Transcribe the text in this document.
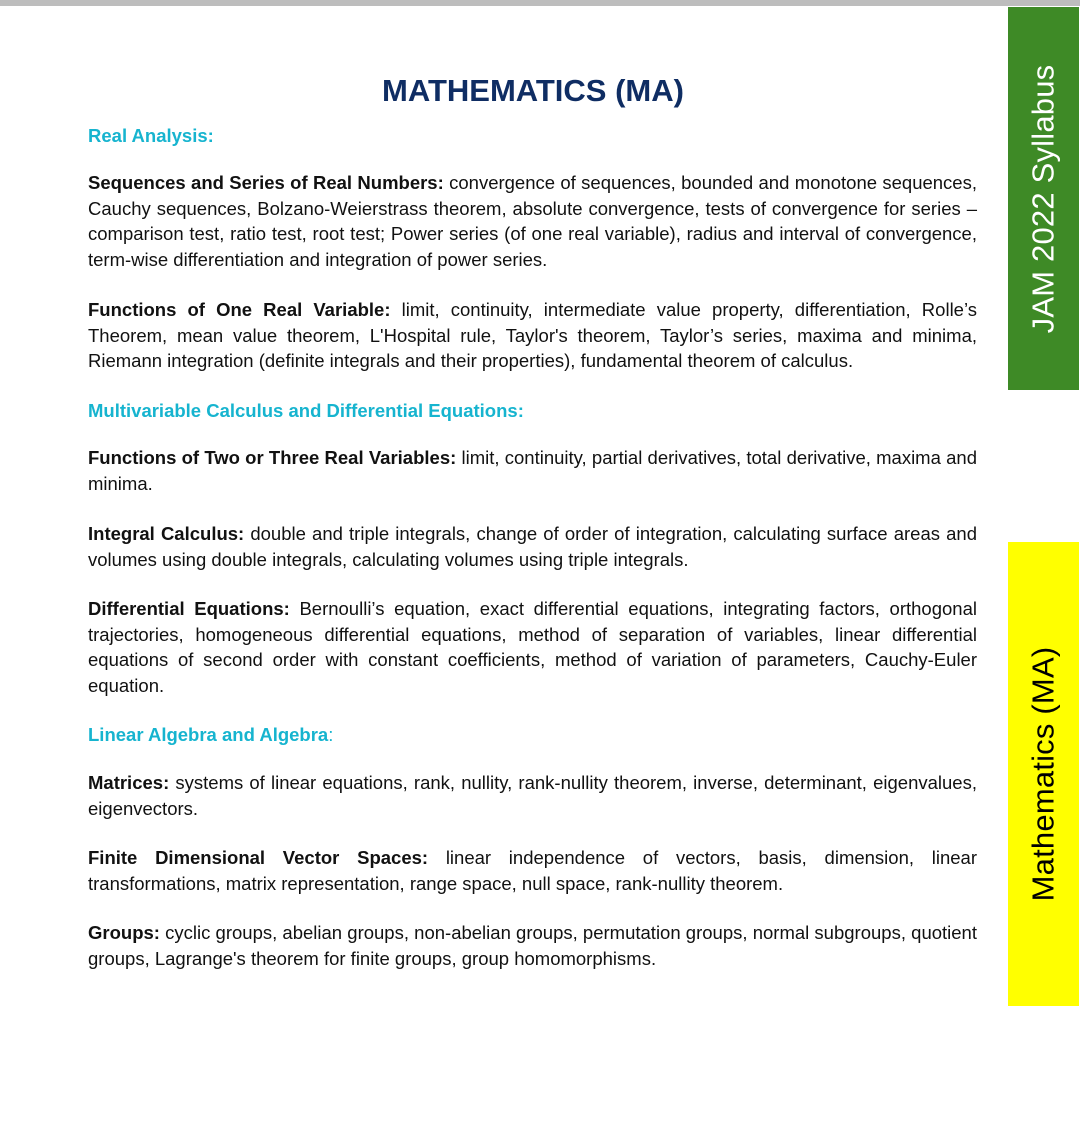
JAM 2022 Syllabus
Mathematics (MA)
MATHEMATICS (MA)
Real Analysis:

Sequences and Series of Real Numbers: convergence of sequences, bounded and monotone sequences, Cauchy sequences, Bolzano-Weierstrass theorem, absolute convergence, tests of convergence for series – comparison test, ratio test, root test; Power series (of one real variable), radius and interval of convergence, term-wise differentiation and integration of power series.

Functions of One Real Variable: limit, continuity, intermediate value property, differentiation, Rolle’s Theorem, mean value theorem, L'Hospital rule, Taylor's theorem, Taylor’s series, maxima and minima, Riemann integration (definite integrals and their properties), fundamental theorem of calculus.

Multivariable Calculus and Differential Equations:

Functions of Two or Three Real Variables: limit, continuity, partial derivatives, total derivative, maxima and minima.

Integral Calculus: double and triple integrals, change of order of integration, calculating surface areas and volumes using double integrals, calculating volumes using triple integrals.

Differential Equations: Bernoulli’s equation, exact differential equations, integrating factors, orthogonal trajectories, homogeneous differential equations, method of separation of variables, linear differential equations of second order with constant coefficients, method of variation of parameters, Cauchy-Euler equation.

Linear Algebra and Algebra:

Matrices: systems of linear equations, rank, nullity, rank-nullity theorem, inverse, determinant, eigenvalues, eigenvectors.

Finite Dimensional Vector Spaces: linear independence of vectors, basis, dimension, linear transformations, matrix representation, range space, null space, rank-nullity theorem.

Groups: cyclic groups, abelian groups, non-abelian groups, permutation groups, normal subgroups, quotient groups, Lagrange's theorem for finite groups, group homomorphisms.
